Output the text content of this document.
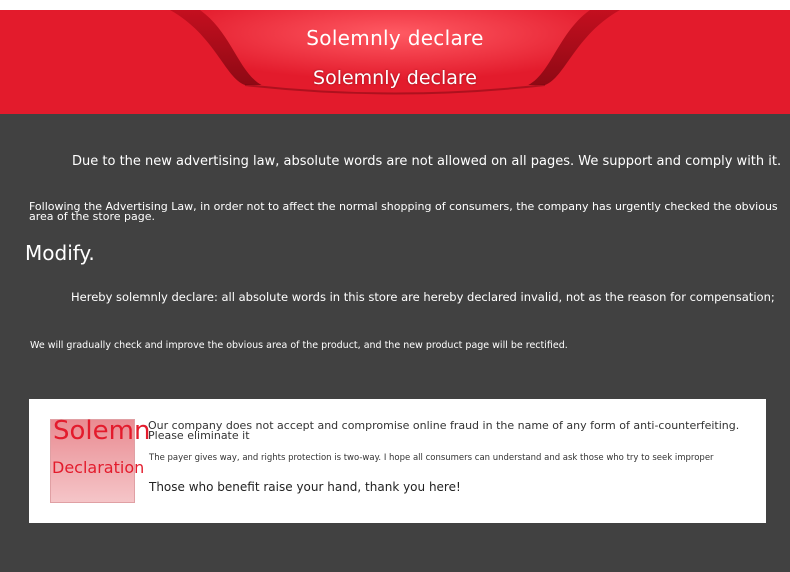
Solemnly declare
Solemnly declare
Due to the new advertising law, absolute words are not allowed on all pages. We support and comply with it.
Following the Advertising Law, in order not to affect the normal shopping of consumers, the company has urgently checked the obvious area of the store page.
Modify.
Hereby solemnly declare: all absolute words in this store are hereby declared invalid, not as the reason for compensation;
We will gradually check and improve the obvious area of the product, and the new product page will be rectified.
Solemn
Declaration
Our company does not accept and compromise online fraud in the name of any form of anti-counterfeiting. Please eliminate it
The payer gives way, and rights protection is two-way. I hope all consumers can understand and ask those who try to seek improper
Those who benefit raise your hand, thank you here!
